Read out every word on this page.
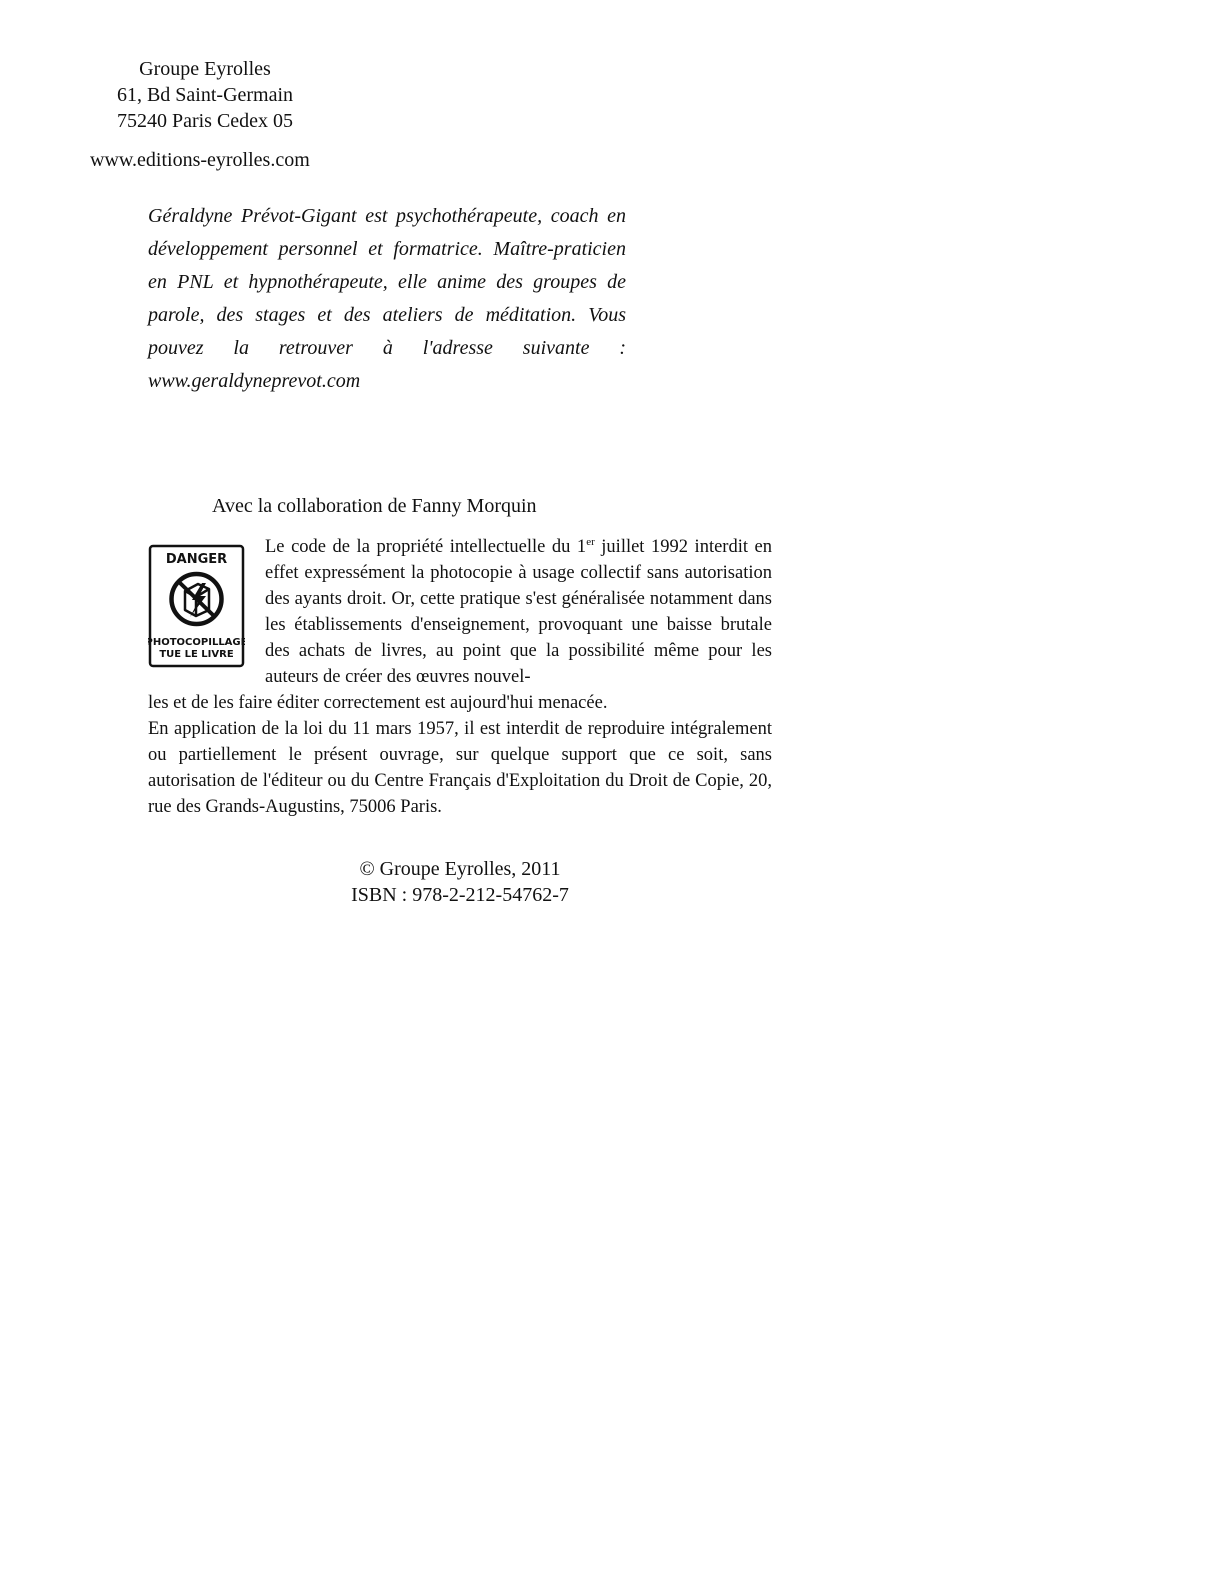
Groupe Eyrolles
61, Bd Saint-Germain
75240 Paris Cedex 05
www.editions-eyrolles.com
Géraldyne Prévot-Gigant est psychothérapeute, coach en développement personnel et formatrice. Maître-praticien en PNL et hypnothérapeute, elle anime des groupes de parole, des stages et des ateliers de méditation. Vous pouvez la retrouver à l'adresse suivante : www.geraldyneprevot.com
Avec la collaboration de Fanny Morquin
DANGER
PHOTOCOPILLAGE
TUE LE LIVRE

Le code de la propriété intellectuelle du 1er juillet 1992 interdit en effet expressément la photocopie à usage collectif sans autorisation des ayants droit. Or, cette pratique s'est généralisée notamment dans les établissements d'enseignement, provoquant une baisse brutale des achats de livres, au point que la possibilité même pour les auteurs de créer des œuvres nouvel-

les et de les faire éditer correctement est aujourd'hui menacée.

En application de la loi du 11 mars 1957, il est interdit de reproduire intégralement ou partiellement le présent ouvrage, sur quelque support que ce soit, sans autorisation de l'éditeur ou du Centre Français d'Exploitation du Droit de Copie, 20, rue des Grands-Augustins, 75006 Paris.

© Groupe Eyrolles, 2011
ISBN : 978-2-212-54762-7
